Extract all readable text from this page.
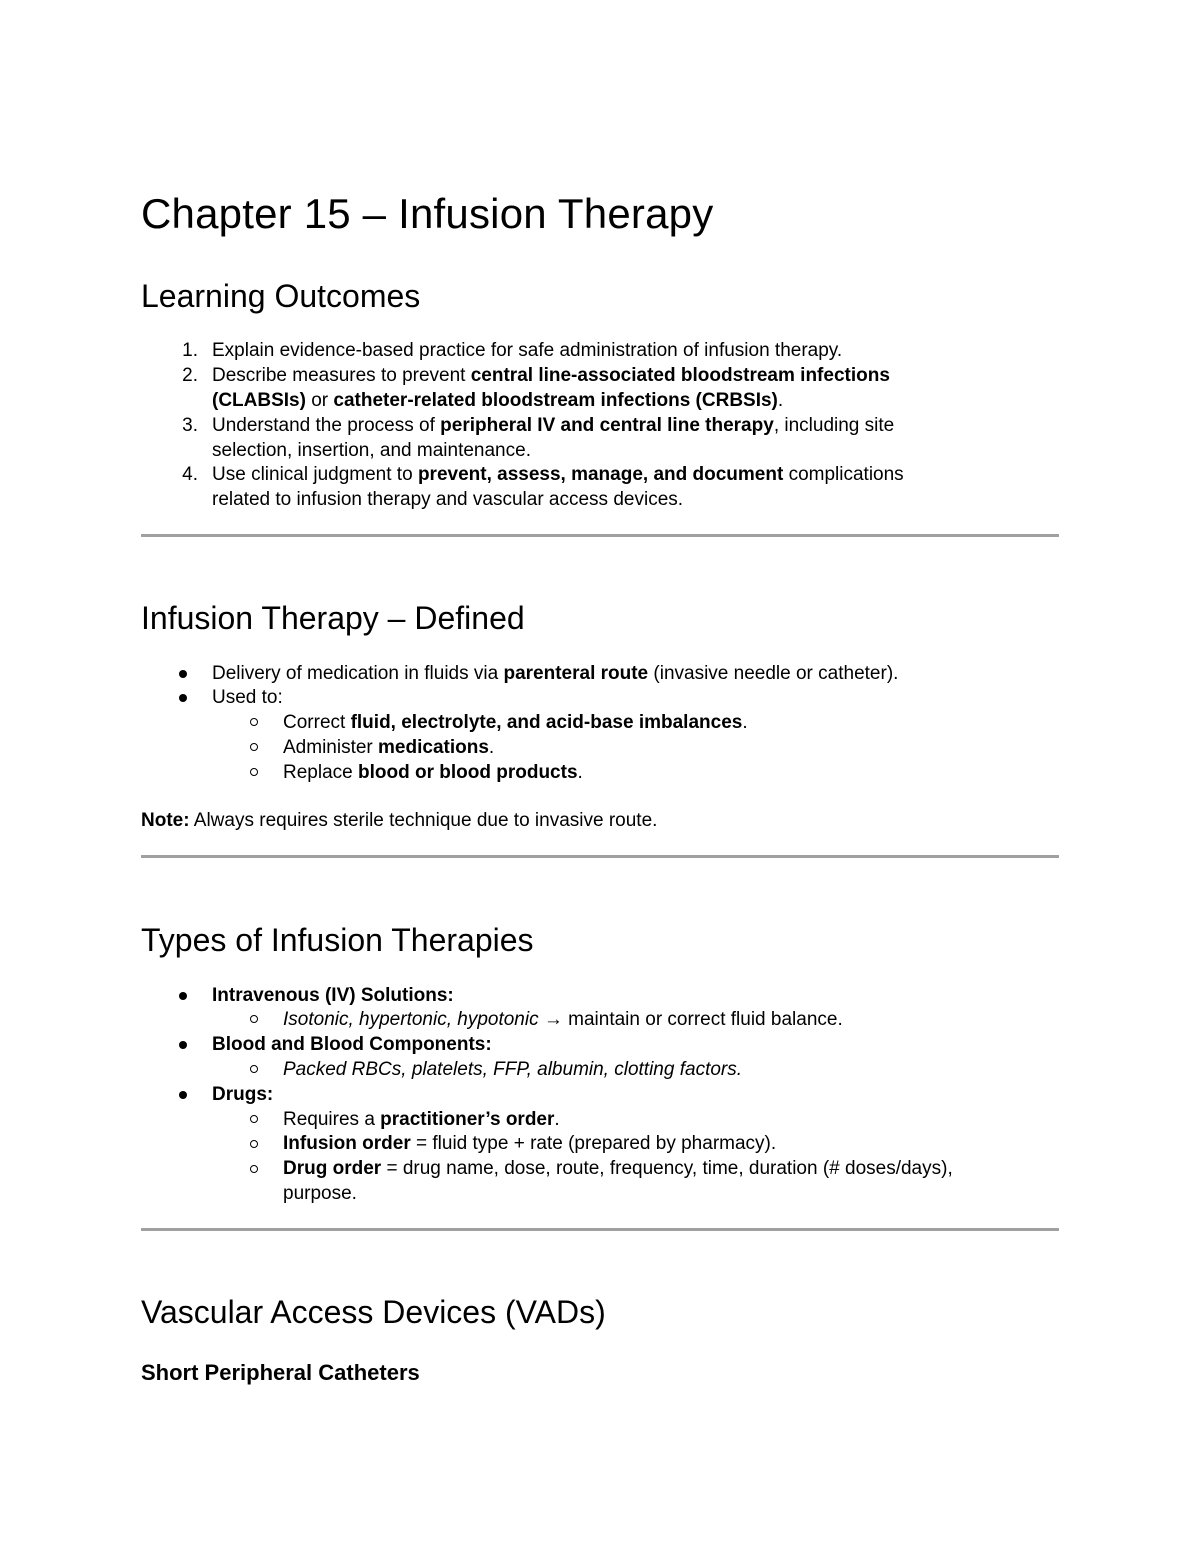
Chapter 15 – Infusion Therapy
Learning Outcomes
1. Explain evidence-based practice for safe administration of infusion therapy.
2. Describe measures to prevent central line-associated bloodstream infections
(CLABSIs) or catheter-related bloodstream infections (CRBSIs).
3. Understand the process of peripheral IV and central line therapy, including site
selection, insertion, and maintenance.
4. Use clinical judgment to prevent, assess, manage, and document complications
related to infusion therapy and vascular access devices.
Infusion Therapy – Defined
Delivery of medication in fluids via parenteral route (invasive needle or catheter).
Used to:
Correct fluid, electrolyte, and acid-base imbalances.
Administer medications.
Replace blood or blood products.
Note: Always requires sterile technique due to invasive route.
Types of Infusion Therapies
Intravenous (IV) Solutions:
Isotonic, hypertonic, hypotonic → maintain or correct fluid balance.
Blood and Blood Components:
Packed RBCs, platelets, FFP, albumin, clotting factors.
Drugs:
Requires a practitioner’s order.
Infusion order = fluid type + rate (prepared by pharmacy).
Drug order = drug name, dose, route, frequency, time, duration (# doses/days),
purpose.
Vascular Access Devices (VADs)
Short Peripheral Catheters
